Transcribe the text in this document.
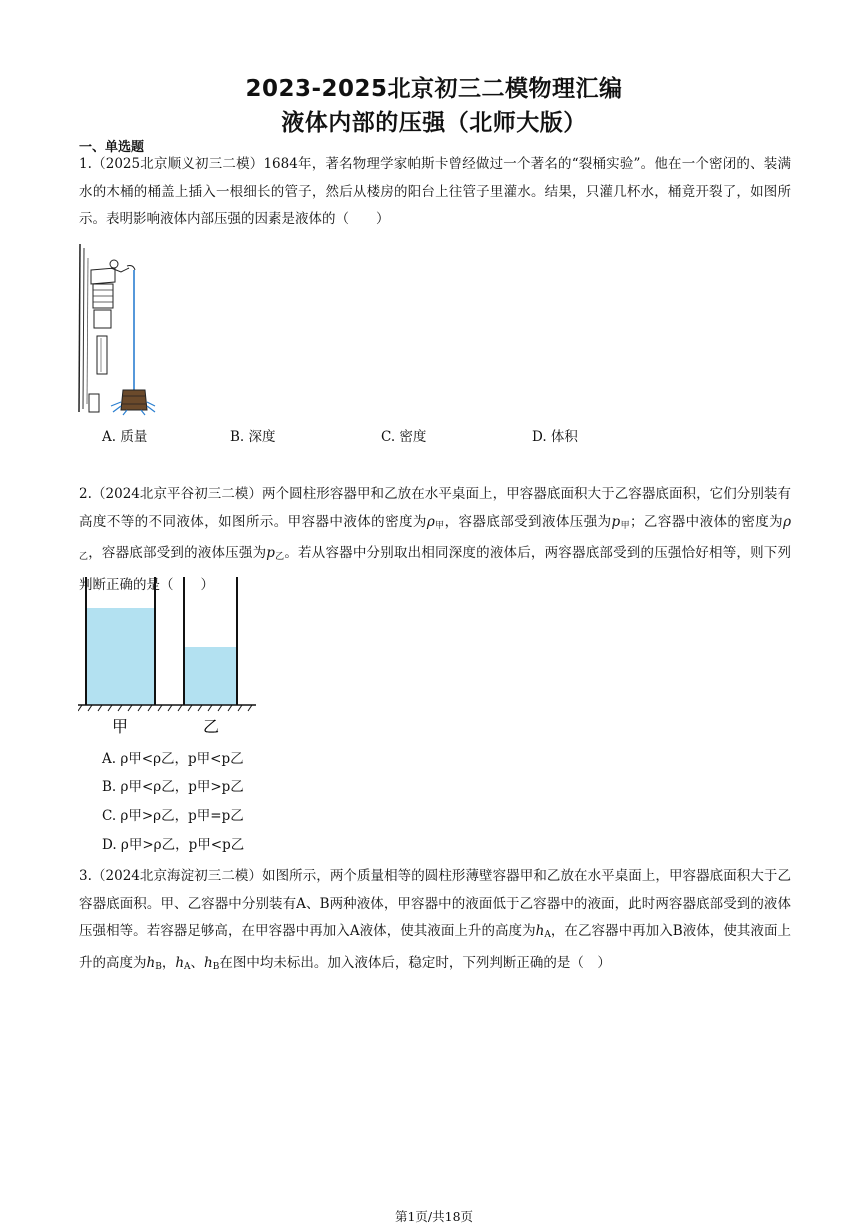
2023-2025北京初三二模物理汇编
液体内部的压强（北师大版）
一、单选题
1.（2025北京顺义初三二模）1684年，著名物理学家帕斯卡曾经做过一个著名的“裂桶实验”。他在一个密闭的、装满水的木桶的桶盖上插入一根细长的管子，然后从楼房的阳台上往管子里灌水。结果，只灌几杯水，桶竟开裂了，如图所示。表明影响液体内部压强的因素是液体的（　　）
A. 质量	B. 深度	C. 密度	D. 体积
2.（2024北京平谷初三二模）两个圆柱形容器甲和乙放在水平桌面上，甲容器底面积大于乙容器底面积，它们分别装有高度不等的不同液体，如图所示。甲容器中液体的密度为$\rho_甲$，容器底部受到液体压强为$p_甲$；乙容器中液体的密度为$\rho_乙$，容器底部受到的液体压强为$p_乙$。若从容器中分别取出相同深度的液体后，两容器底部受到的压强恰好相等，则下列判断正确的是（　　）
甲	乙
A. ρ甲<ρ乙，p甲<p乙
B. ρ甲<ρ乙，p甲>p乙
C. ρ甲>ρ乙，p甲=p乙
D. ρ甲>ρ乙，p甲<p乙
3.（2024北京海淀初三二模）如图所示，两个质量相等的圆柱形薄壁容器甲和乙放在水平桌面上，甲容器底面积大于乙容器底面积。甲、乙容器中分别装有A、B两种液体，甲容器中的液面低于乙容器中的液面，此时两容器底部受到的液体压强相等。若容器足够高，在甲容器中再加入A液体，使其液面上升的高度为$h_A$，在乙容器中再加入B液体，使其液面上升的高度为$h_B$，$h_A$、$h_B$在图中均未标出。加入液体后，稳定时，下列判断正确的是（　）
第1页/共18页
